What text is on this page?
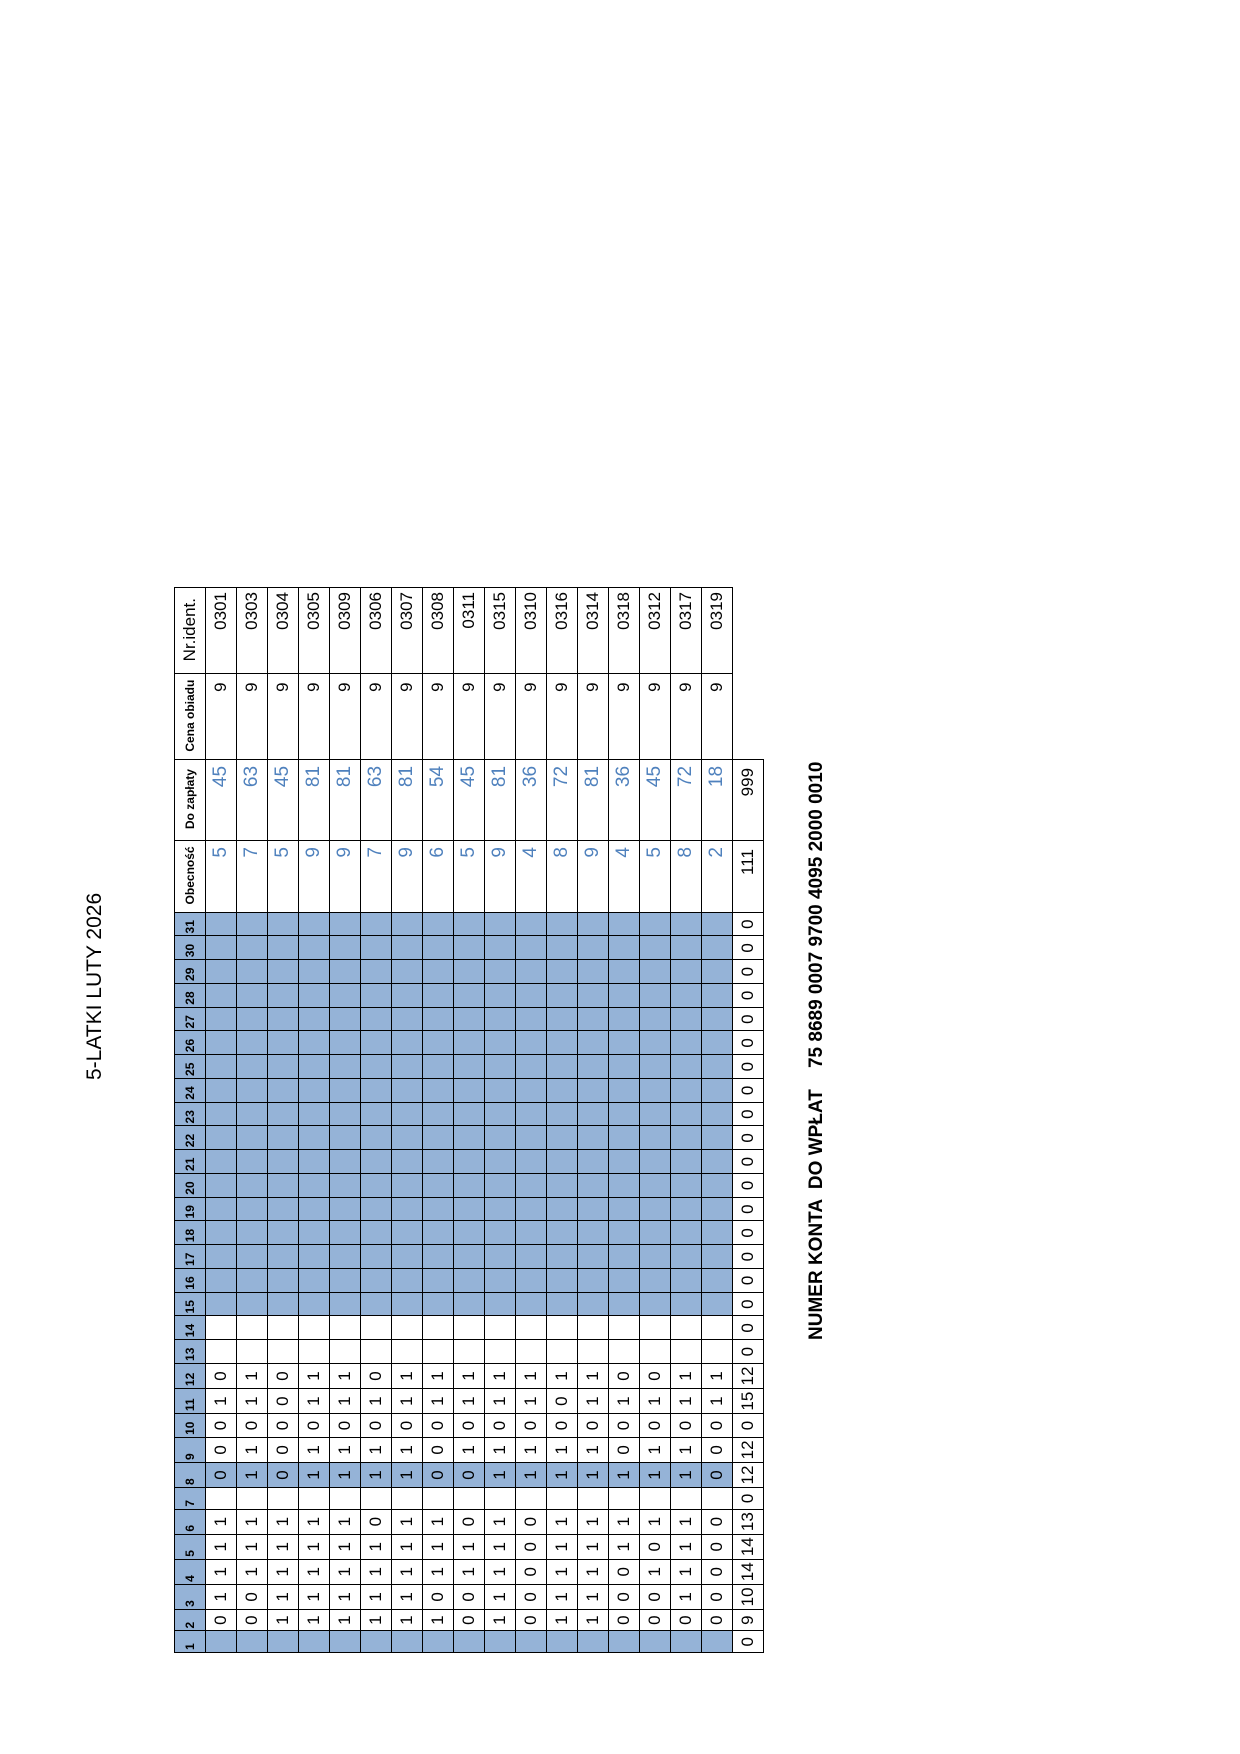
5-LATKI LUTY 2026
NUMER KONTA  DO WPŁAT    75 8689 0007 9700 4095 2000 0010
1	2	3	4	5	6	7	8	9	10	11	12	13	14	15	16	17	18	19	20	21	22	23	24	25	26	27	28	29	30	31	Obecność	Do zapłaty	Cena obiadu	Nr.ident.
	0	1	1	1	1		0	0	0	1	0																				5	45	9	0301
	0	0	1	1	1		1	1	0	1	1																				7	63	9	0303
	1	1	1	1	1		0	0	0	0	0																				5	45	9	0304
	1	1	1	1	1		1	1	0	1	1																				9	81	9	0305
	1	1	1	1	1		1	1	0	1	1																				9	81	9	0309
	1	1	1	1	0		1	1	0	1	0																				7	63	9	0306
	1	1	1	1	1		1	1	0	1	1																				9	81	9	0307
	1	0	1	1	1		0	0	0	1	1																				6	54	9	0308
	0	0	1	1	0		0	1	0	1	1																				5	45	9	0311
	1	1	1	1	1		1	1	0	1	1																				9	81	9	0315
	0	0	0	0	0		1	1	0	1	1																				4	36	9	0310
	1	1	1	1	1		1	1	0	0	1																				8	72	9	0316
	1	1	1	1	1		1	1	0	1	1																				9	81	9	0314
	0	0	0	1	1		1	0	0	1	0																				4	36	9	0318
	0	0	1	0	1		1	1	0	1	0																				5	45	9	0312
	0	1	1	1	1		1	1	0	1	1																				8	72	9	0317
	0	0	0	0	0		0	0	0	1	1																				2	18	9	0319
0	9	10	14	14	13	0	12	12	0	15	12	0	0	0	0	0	0	0	0	0	0	0	0	0	0	0	0	0	0	0	111	999		
